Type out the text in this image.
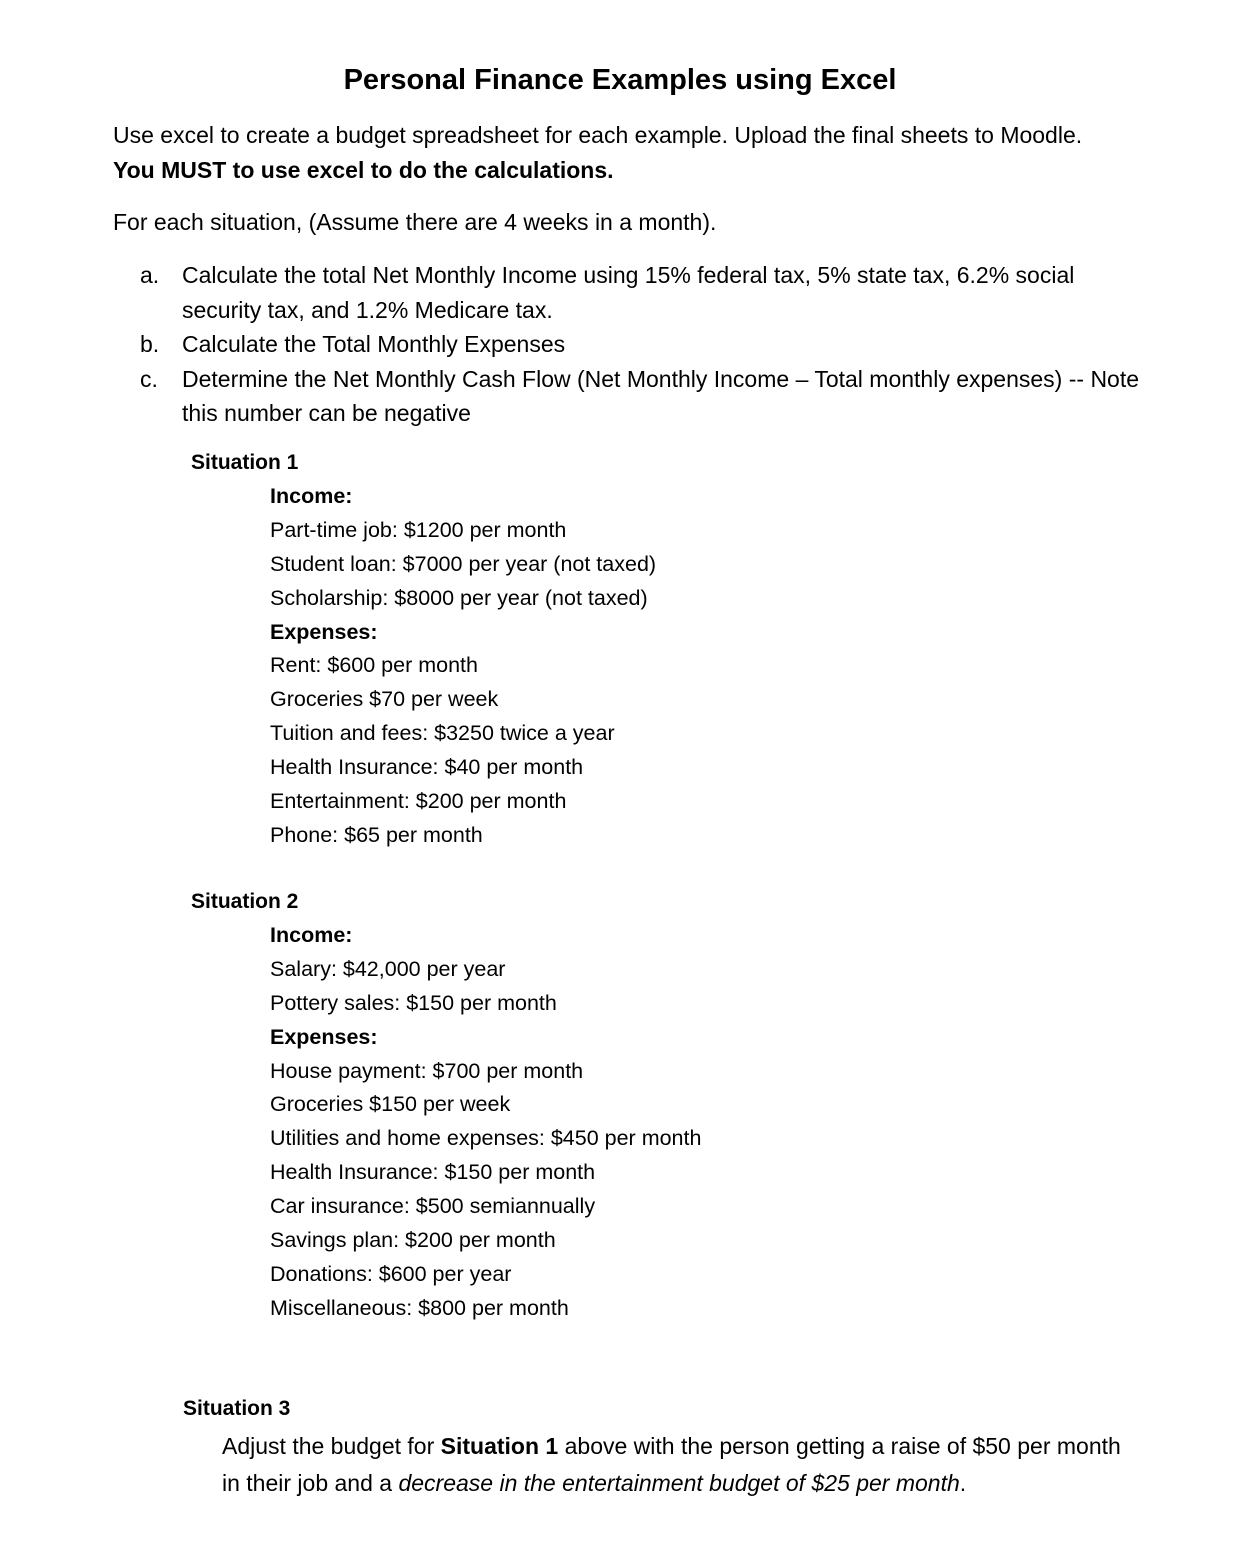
Personal Finance Examples using Excel
Use excel to create a budget spreadsheet for each example. Upload the final sheets to Moodle.
You MUST to use excel to do the calculations.
For each situation, (Assume there are 4 weeks in a month).
a. Calculate the total Net Monthly Income using 15% federal tax, 5% state tax, 6.2% social security tax, and 1.2% Medicare tax.
b. Calculate the Total Monthly Expenses
c. Determine the Net Monthly Cash Flow (Net Monthly Income – Total monthly expenses) -- Note this number can be negative
Situation 1
Income:
Part-time job: $1200 per month
Student loan: $7000 per year (not taxed)
Scholarship: $8000 per year (not taxed)
Expenses:
Rent: $600 per month
Groceries $70 per week
Tuition and fees: $3250 twice a year
Health Insurance: $40 per month
Entertainment: $200 per month
Phone: $65 per month
Situation 2
Income:
Salary: $42,000 per year
Pottery sales: $150 per month
Expenses:
House payment: $700 per month
Groceries $150 per week
Utilities and home expenses: $450 per month
Health Insurance: $150 per month
Car insurance: $500 semiannually
Savings plan: $200 per month
Donations: $600 per year
Miscellaneous: $800 per month
Situation 3
Adjust the budget for Situation 1 above with the person getting a raise of $50 per month in their job and a decrease in the entertainment budget of $25 per month.
